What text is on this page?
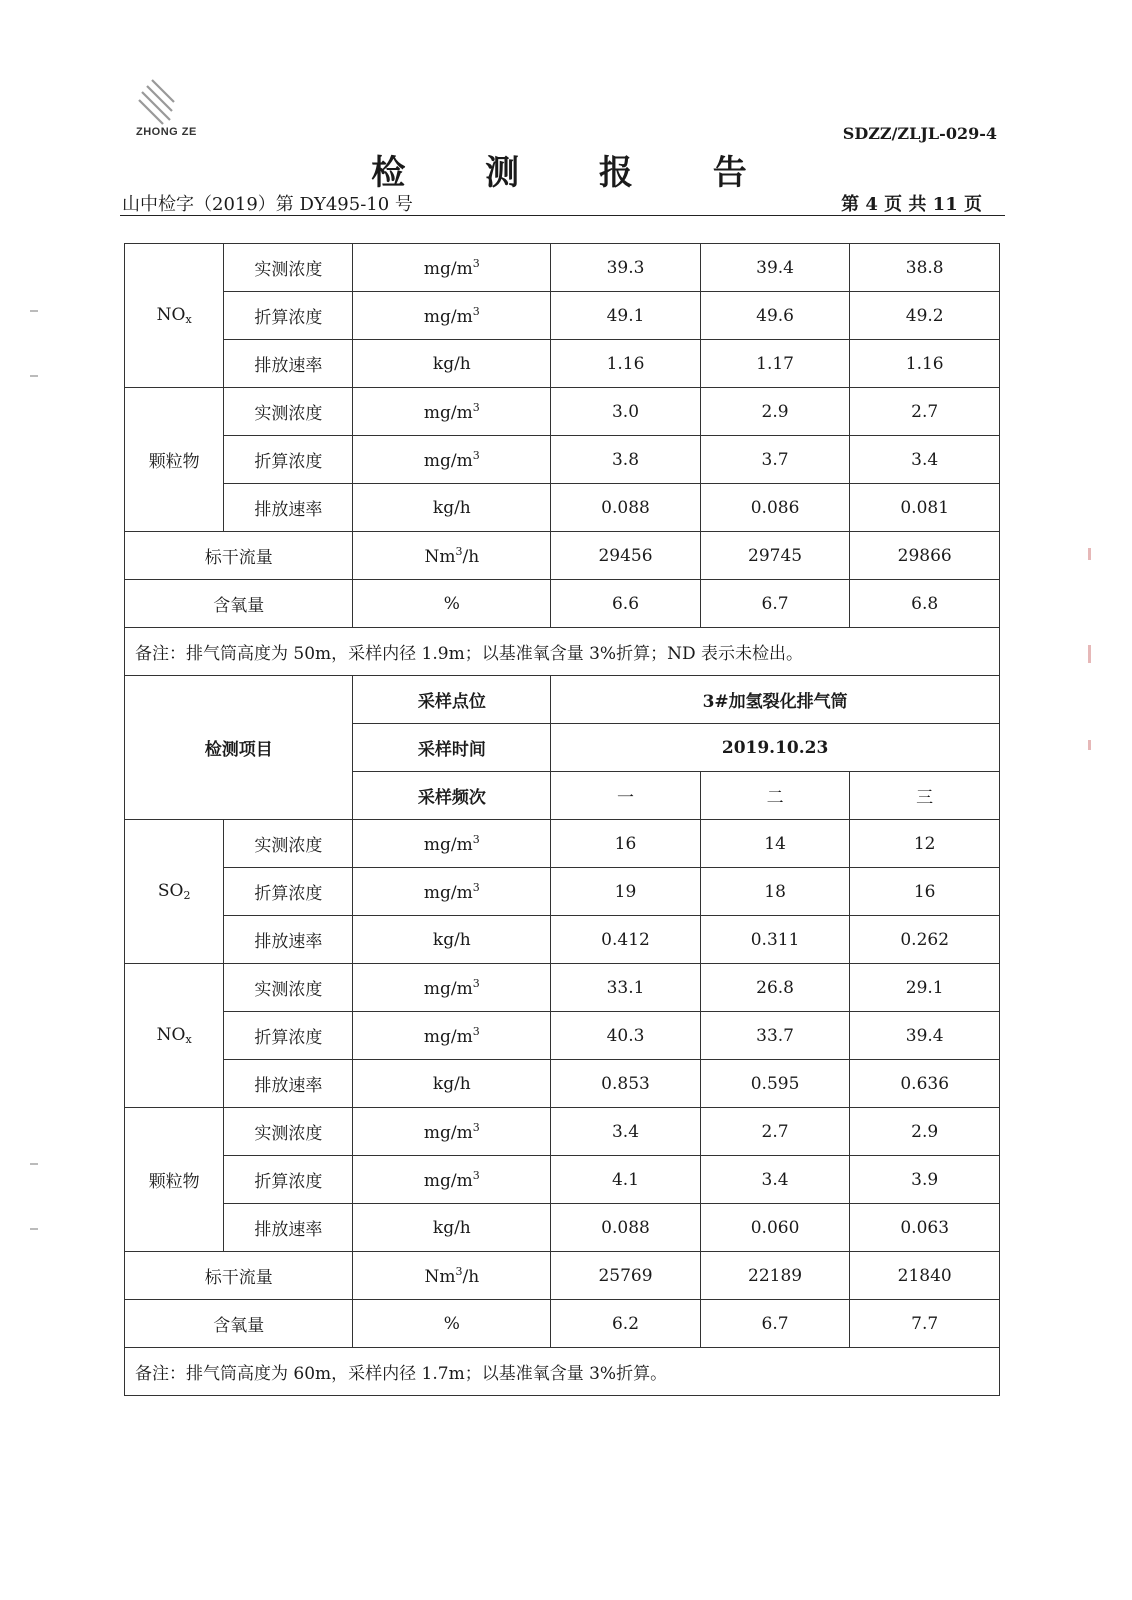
ZHONG ZE	SDZZ/ZLJL-029-4
检 测 报 告
山中检字（2019）第 DY495-10 号	第 4 页 共 11 页
$NO_x$	实测浓度	$mg/m^3$	39.3	39.4	38.8
	折算浓度	$mg/m^3$	49.1	49.6	49.2
	排放速率	kg/h	1.16	1.17	1.16
颗粒物	实测浓度	$mg/m^3$	3.0	2.9	2.7
	折算浓度	$mg/m^3$	3.8	3.7	3.4
	排放速率	kg/h	0.088	0.086	0.081
标干流量		Nm$^3$/h	29456	29745	29866
含氧量		%	6.6	6.7	6.8
备注：排气筒高度为 50m，采样内径 1.9m；以基准氧含量 3%折算；ND 表示未检出。					
检测项目		采样点位	3#加氢裂化排气筒		
		采样时间	2019.10.23		
		采样频次	一	二	三
$SO_2$	实测浓度	$mg/m^3$	16	14	12
	折算浓度	$mg/m^3$	19	18	16
	排放速率	kg/h	0.412	0.311	0.262
$NO_x$	实测浓度	$mg/m^3$	33.1	26.8	29.1
	折算浓度	$mg/m^3$	40.3	33.7	39.4
	排放速率	kg/h	0.853	0.595	0.636
颗粒物	实测浓度	$mg/m^3$	3.4	2.7	2.9
	折算浓度	$mg/m^3$	4.1	3.4	3.9
	排放速率	kg/h	0.088	0.060	0.063
标干流量		Nm$^3$/h	25769	22189	21840
含氧量		%	6.2	6.7	7.7
备注：排气筒高度为 60m，采样内径 1.7m；以基准氧含量 3%折算。					
